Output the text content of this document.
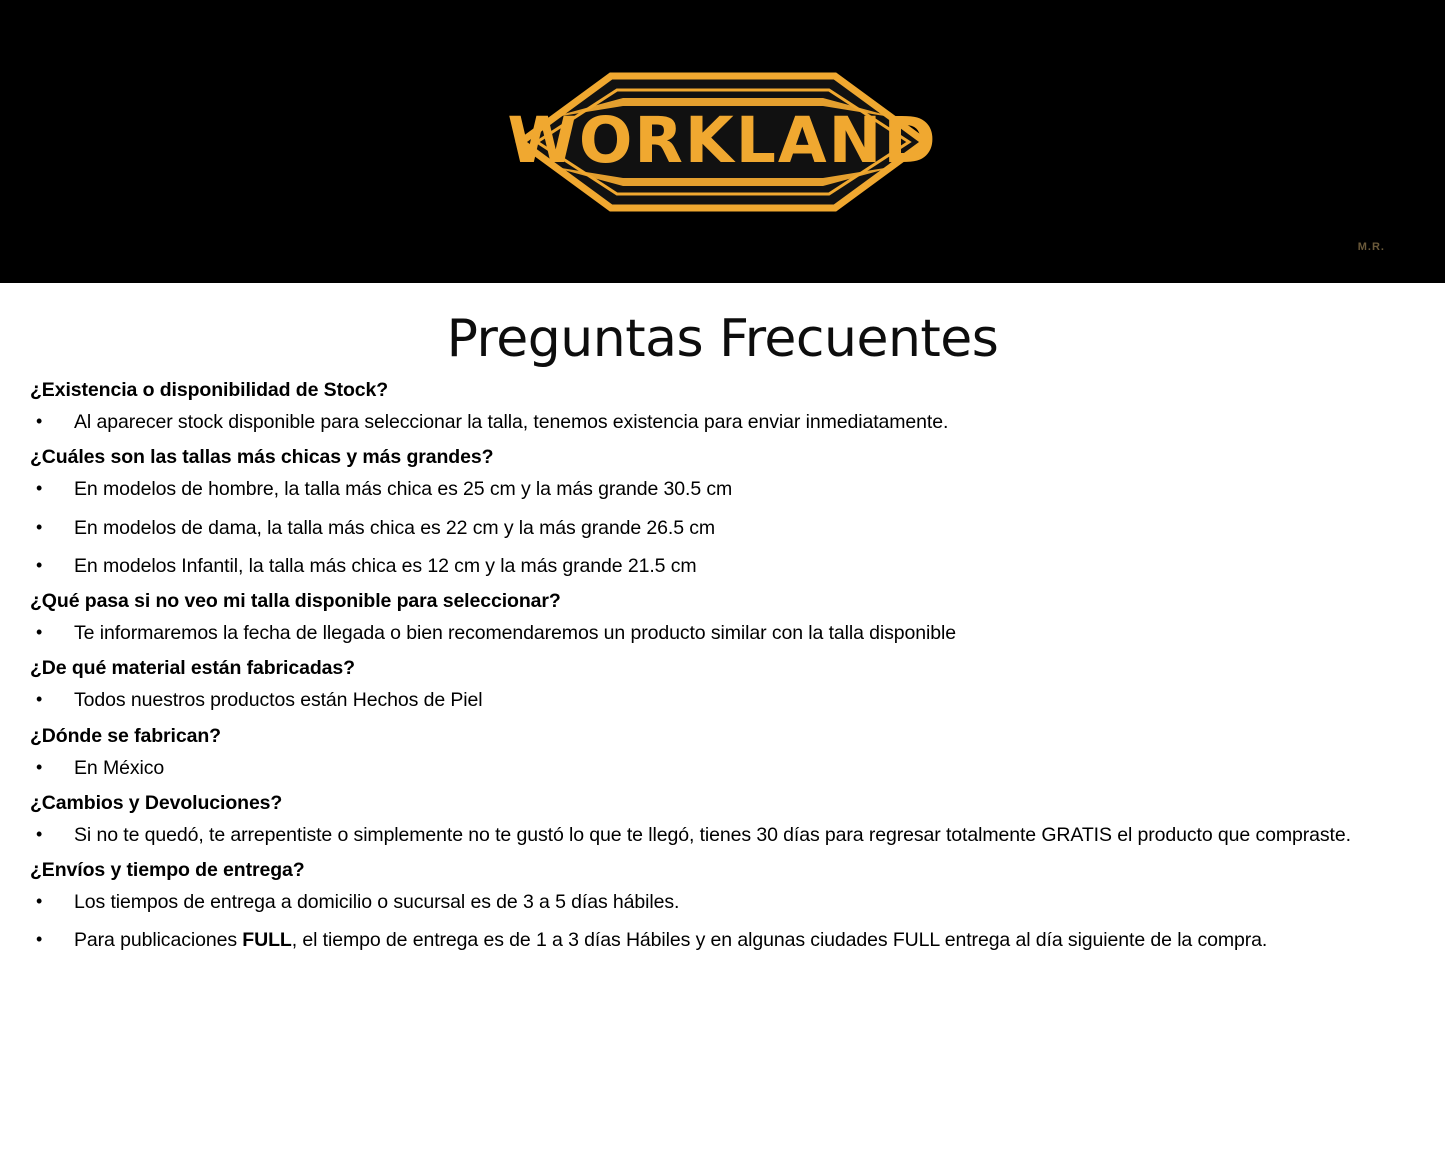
WORKLAND
M.R.
Preguntas Frecuentes
¿Existencia o disponibilidad de Stock?
•	Al aparecer stock disponible para seleccionar la talla, tenemos existencia para enviar inmediatamente.
¿Cuáles son las tallas más chicas y más grandes?
•	En modelos de hombre, la talla más chica es 25 cm y la más grande 30.5 cm
•	En modelos de dama, la talla más chica es 22 cm y la más grande 26.5 cm
•	En modelos Infantil, la talla más chica es 12 cm y la más grande 21.5 cm
¿Qué pasa si no veo mi talla disponible para seleccionar?
•	Te informaremos la fecha de llegada o bien recomendaremos un producto similar con la talla disponible
¿De qué material están fabricadas?
•	Todos nuestros productos están Hechos de Piel
¿Dónde se fabrican?
•	En México
¿Cambios y Devoluciones?
•	Si no te quedó, te arrepentiste o simplemente no te gustó lo que te llegó, tienes 30 días para regresar totalmente GRATIS el producto que compraste.
¿Envíos y tiempo de entrega?
•	Los tiempos de entrega a domicilio o sucursal es de 3 a 5 días hábiles.
•	Para publicaciones FULL, el tiempo de entrega es de 1 a 3 días Hábiles y en algunas ciudades FULL entrega al día siguiente de la compra.
